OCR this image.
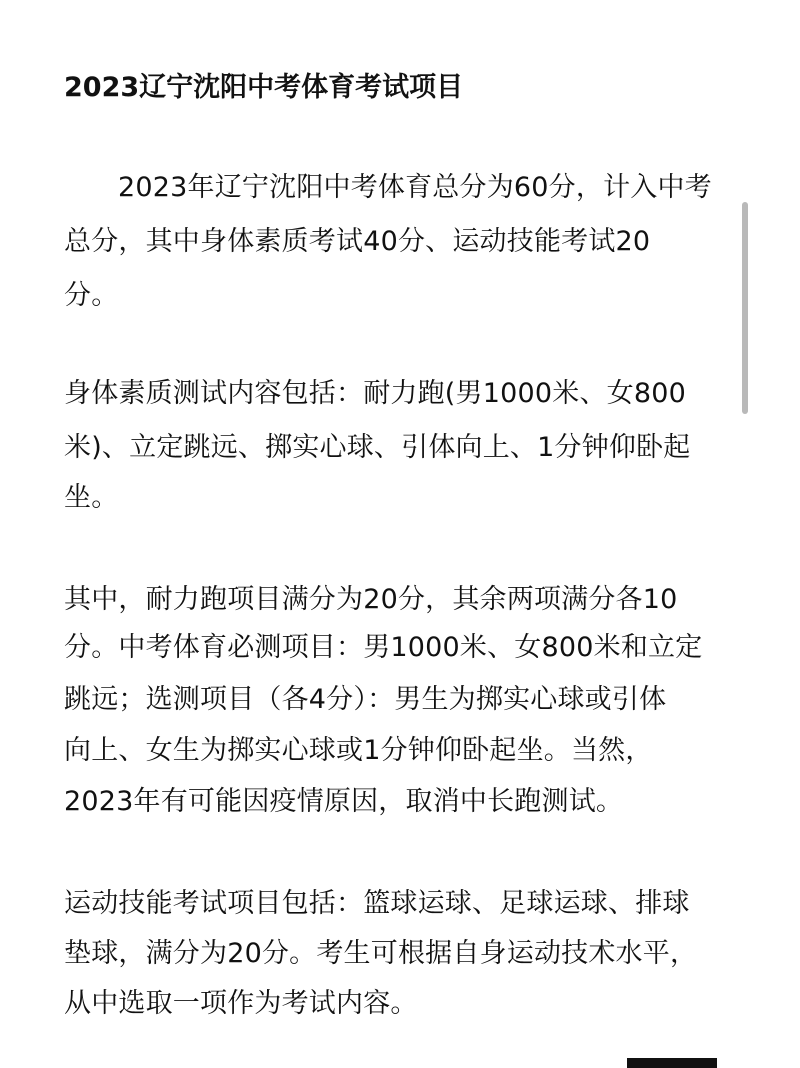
2023辽宁沈阳中考体育考试项目
2023年辽宁沈阳中考体育总分为60分，计入中考
总分，其中身体素质考试40分、运动技能考试20
分。
身体素质测试内容包括：耐力跑(男1000米、女800
米)、立定跳远、掷实心球、引体向上、1分钟仰卧起
坐。
其中，耐力跑项目满分为20分，其余两项满分各10
分。中考体育必测项目：男1000米、女800米和立定
跳远；选测项目（各4分）：男生为掷实心球或引体
向上、女生为掷实心球或1分钟仰卧起坐。当然，
2023年有可能因疫情原因，取消中长跑测试。
运动技能考试项目包括：篮球运球、足球运球、排球
垫球，满分为20分。考生可根据自身运动技术水平，
从中选取一项作为考试内容。
